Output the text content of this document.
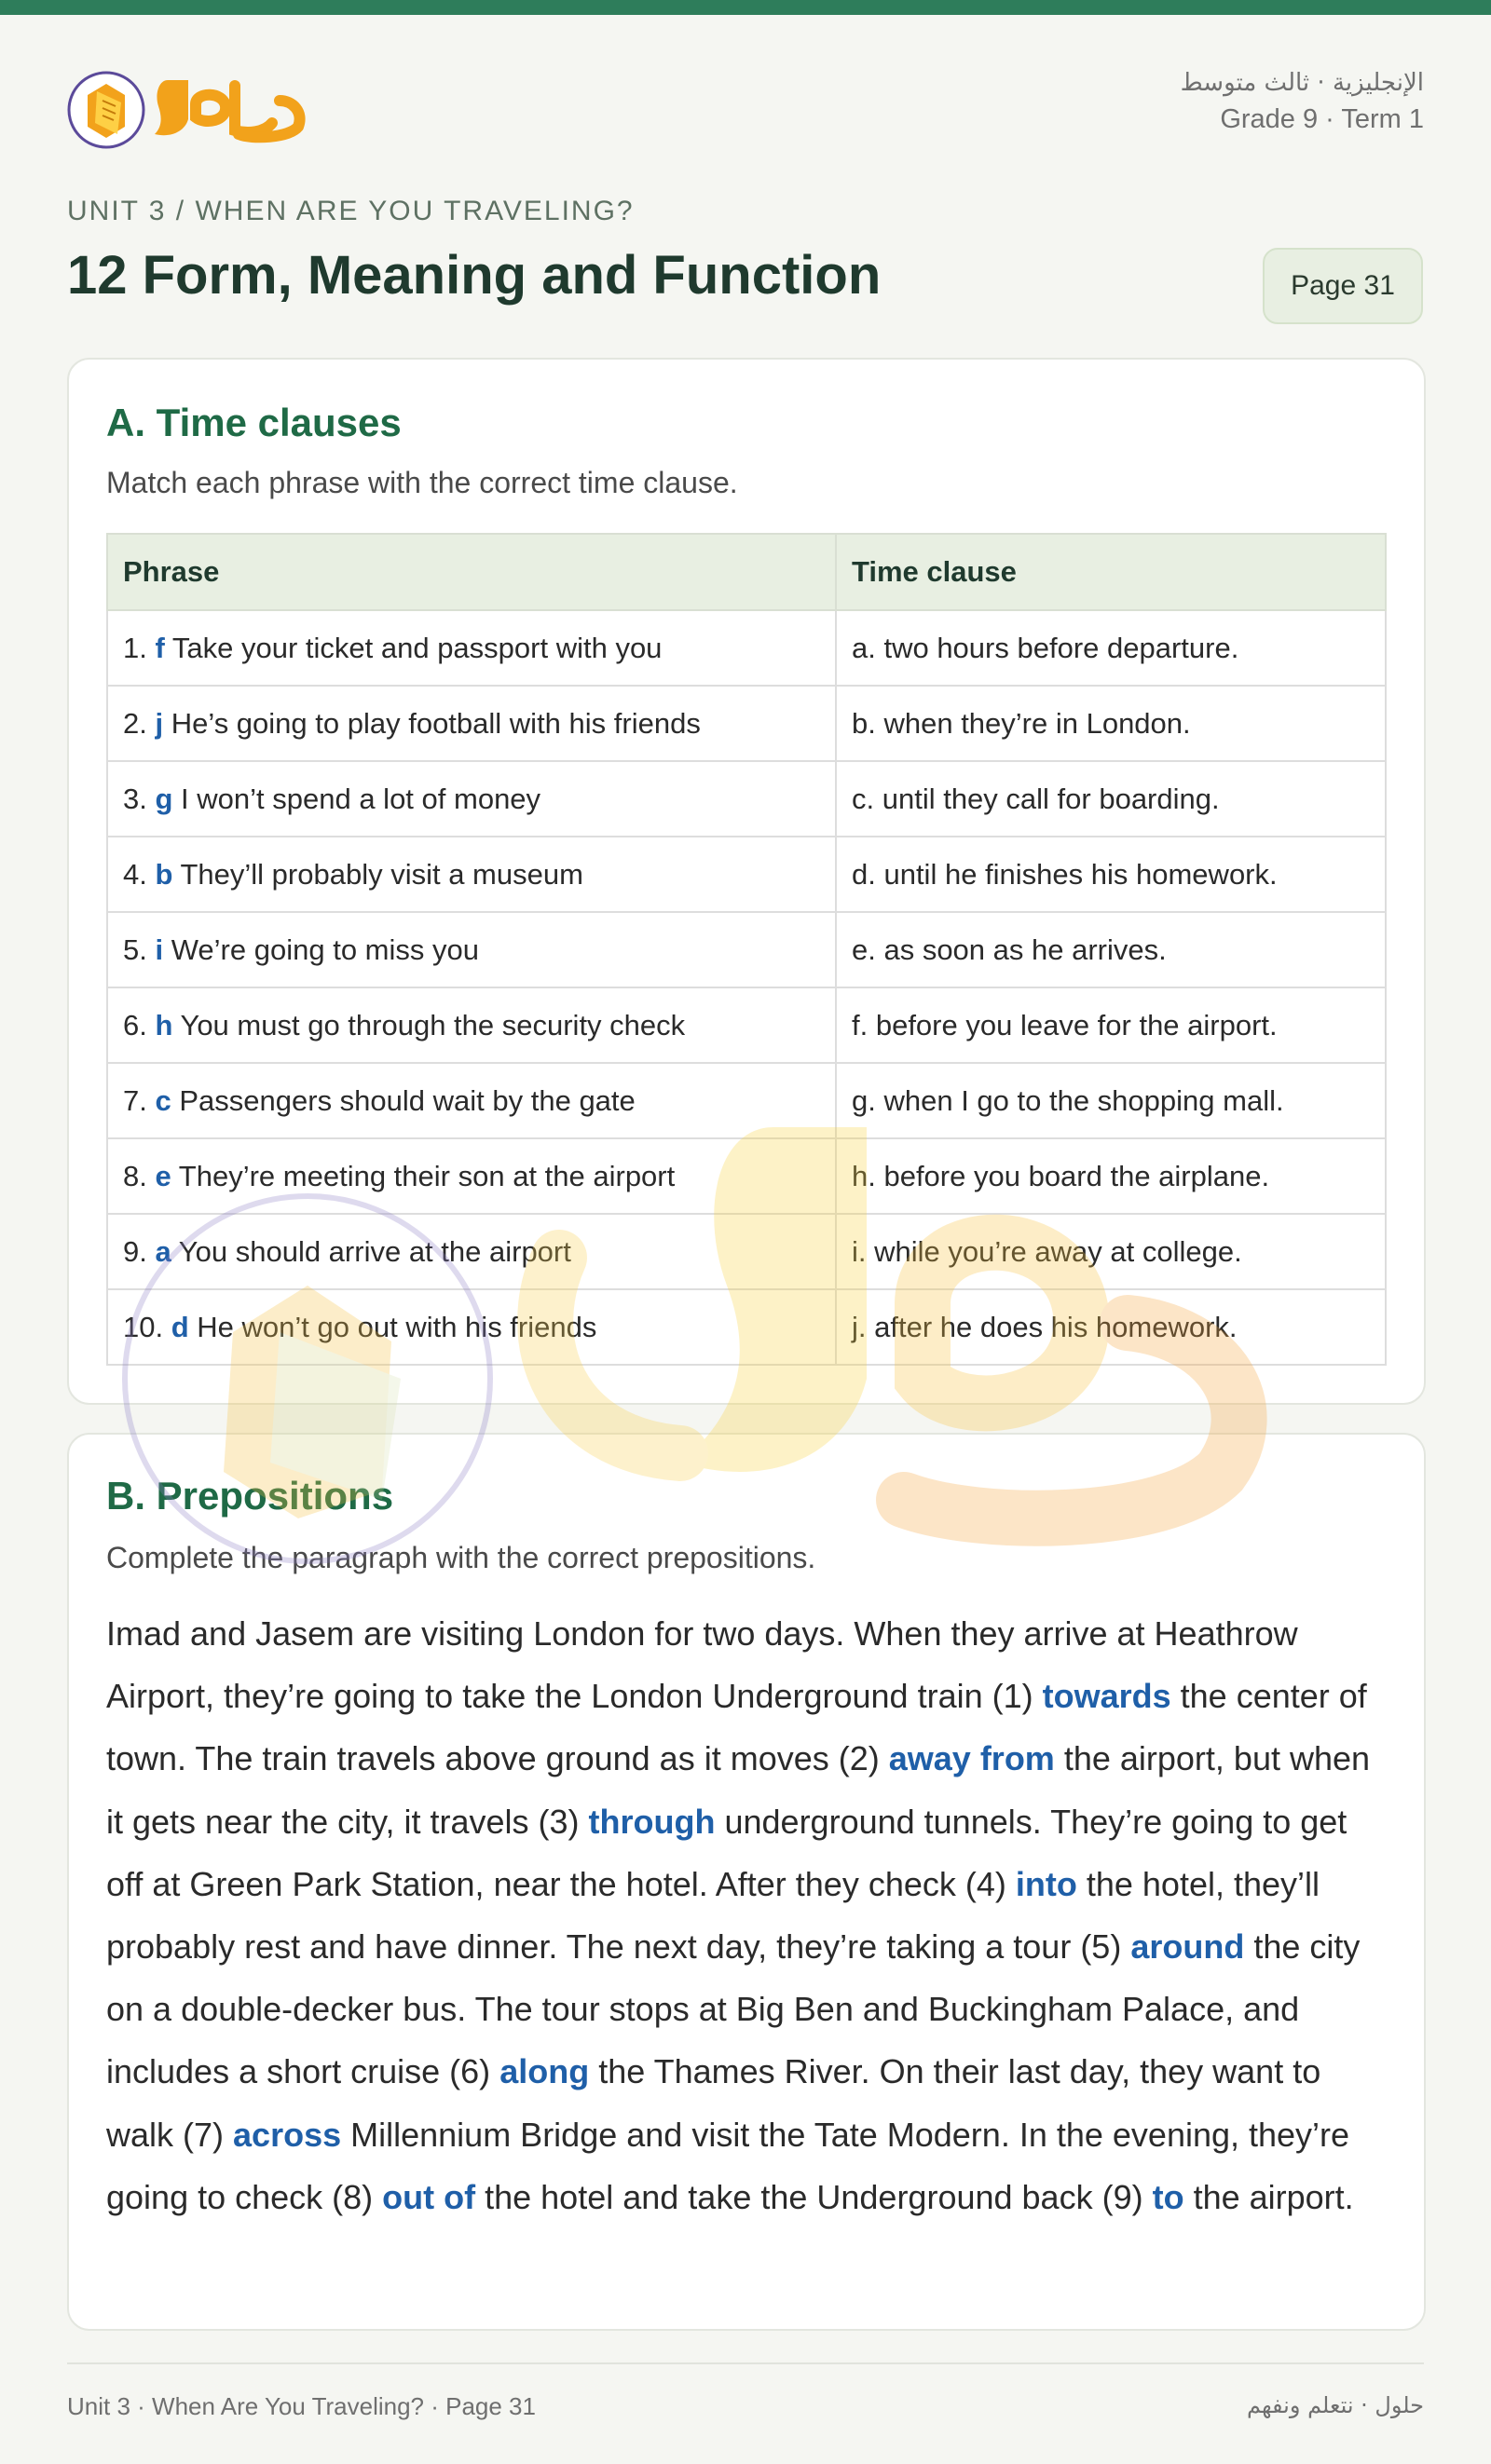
الإنجليزية · ثالث متوسط
Grade 9 · Term 1
UNIT 3 / WHEN ARE YOU TRAVELING?
12 Form, Meaning and Function	Page 31
A. Time clauses
Match each phrase with the correct time clause.
Phrase	Time clause
1. f Take your ticket and passport with you	a. two hours before departure.
2. j He’s going to play football with his friends	b. when they’re in London.
3. g I won’t spend a lot of money	c. until they call for boarding.
4. b They’ll probably visit a museum	d. until he finishes his homework.
5. i We’re going to miss you	e. as soon as he arrives.
6. h You must go through the security check	f. before you leave for the airport.
7. c Passengers should wait by the gate	g. when I go to the shopping mall.
8. e They’re meeting their son at the airport	h. before you board the airplane.
9. a You should arrive at the airport	i. while you’re away at college.
10. d He won’t go out with his friends	j. after he does his homework.
B. Prepositions
Complete the paragraph with the correct prepositions.
Imad and Jasem are visiting London for two days. When they arrive at Heathrow Airport, they’re going to take the London Underground train (1) towards the center of town. The train travels above ground as it moves (2) away from the airport, but when it gets near the city, it travels (3) through underground tunnels. They’re going to get off at Green Park Station, near the hotel. After they check (4) into the hotel, they’ll probably rest and have dinner. The next day, they’re taking a tour (5) around the city on a double-decker bus. The tour stops at Big Ben and Buckingham Palace, and includes a short cruise (6) along the Thames River. On their last day, they want to walk (7) across Millennium Bridge and visit the Tate Modern. In the evening, they’re going to check (8) out of the hotel and take the Underground back (9) to the airport.
Unit 3 · When Are You Traveling? · Page 31	حلول · نتعلم ونفهم
